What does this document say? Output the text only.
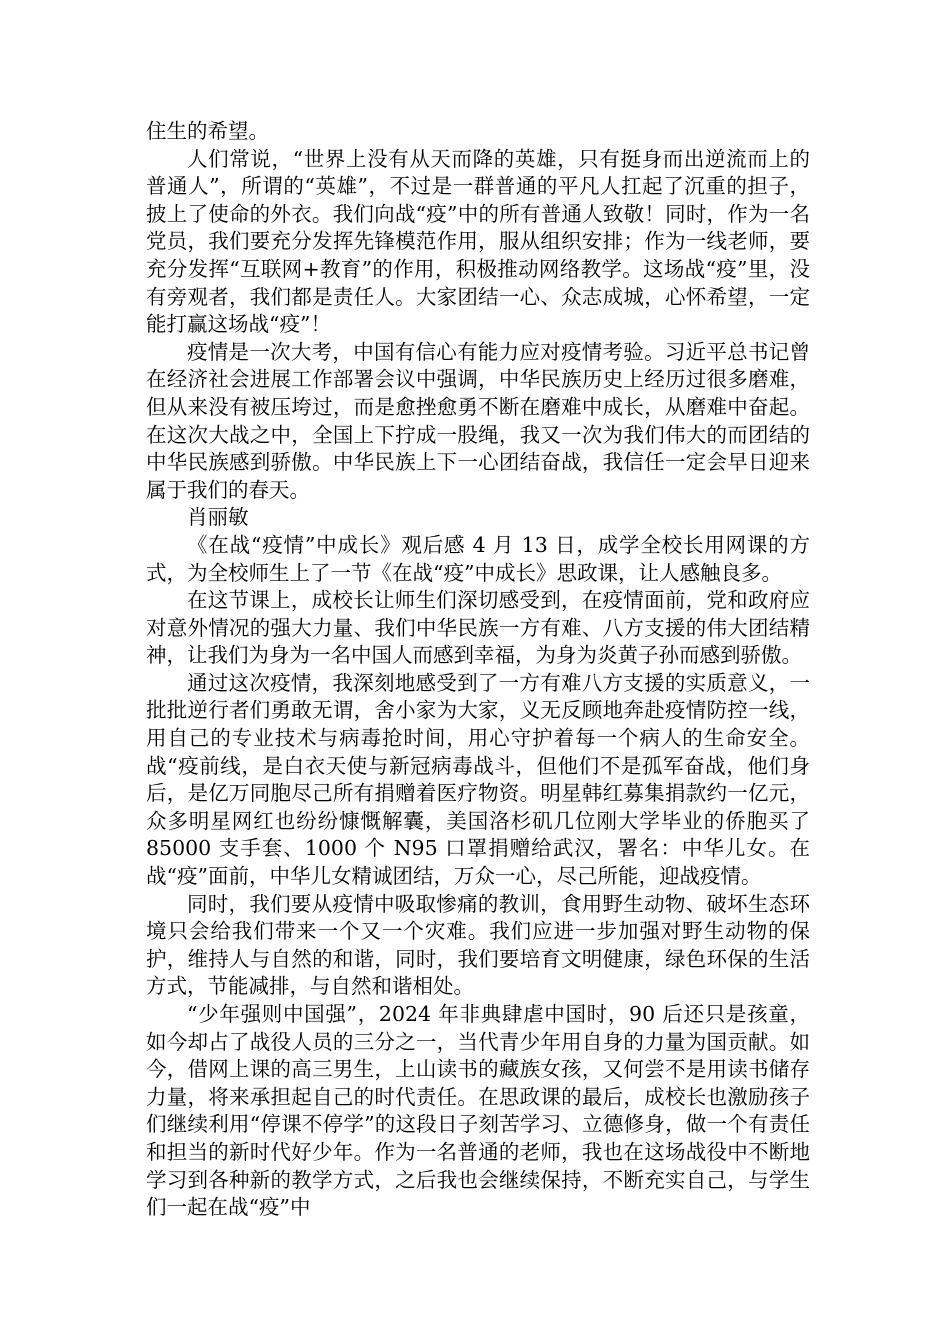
住生的希望。

人们常说，“世界上没有从天而降的英雄，只有挺身而出逆流而上的普通人”，所谓的“英雄”，不过是一群普通的平凡人扛起了沉重的担子，披上了使命的外衣。我们向战“疫”中的所有普通人致敬！同时，作为一名党员，我们要充分发挥先锋模范作用，服从组织安排；作为一线老师，要充分发挥“互联网+教育”的作用，积极推动网络教学。这场战“疫”里，没有旁观者，我们都是责任人。大家团结一心、众志成城，心怀希望，一定能打赢这场战“疫”！

疫情是一次大考，中国有信心有能力应对疫情考验。习近平总书记曾在经济社会进展工作部署会议中强调，中华民族历史上经历过很多磨难，但从来没有被压垮过，而是愈挫愈勇不断在磨难中成长，从磨难中奋起。在这次大战之中，全国上下拧成一股绳，我又一次为我们伟大的而团结的中华民族感到骄傲。中华民族上下一心团结奋战，我信任一定会早日迎来属于我们的春天。

肖丽敏

《在战“疫情”中成长》观后感 4 月 13 日，成学全校长用网课的方式，为全校师生上了一节《在战“疫”中成长》思政课，让人感触良多。

在这节课上，成校长让师生们深切感受到，在疫情面前，党和政府应对意外情况的强大力量、我们中华民族一方有难、八方支援的伟大团结精神，让我们为身为一名中国人而感到幸福，为身为炎黄子孙而感到骄傲。

通过这次疫情，我深刻地感受到了一方有难八方支援的实质意义，一批批逆行者们勇敢无谓，舍小家为大家，义无反顾地奔赴疫情防控一线，用自己的专业技术与病毒抢时间，用心守护着每一个病人的生命安全。战“疫前线，是白衣天使与新冠病毒战斗，但他们不是孤军奋战，他们身后，是亿万同胞尽己所有捐赠着医疗物资。明星韩红募集捐款约一亿元，众多明星网红也纷纷慷慨解囊，美国洛杉矶几位刚大学毕业的侨胞买了 85000 支手套、1000 个 N95 口罩捐赠给武汉，署名：中华儿女。在战“疫”面前，中华儿女精诚团结，万众一心，尽己所能，迎战疫情。

同时，我们要从疫情中吸取惨痛的教训，食用野生动物、破坏生态环境只会给我们带来一个又一个灾难。我们应进一步加强对野生动物的保护，维持人与自然的和谐，同时，我们要培育文明健康，绿色环保的生活方式，节能减排，与自然和谐相处。

“少年强则中国强”，2024 年非典肆虐中国时，90 后还只是孩童，如今却占了战役人员的三分之一，当代青少年用自身的力量为国贡献。如今，借网上课的高三男生，上山读书的藏族女孩，又何尝不是用读书储存力量，将来承担起自己的时代责任。在思政课的最后，成校长也激励孩子们继续利用“停课不停学”的这段日子刻苦学习、立德修身，做一个有责任和担当的新时代好少年。作为一名普通的老师，我也在这场战役中不断地学习到各种新的教学方式，之后我也会继续保持，不断充实自己，与学生们一起在战“疫”中
